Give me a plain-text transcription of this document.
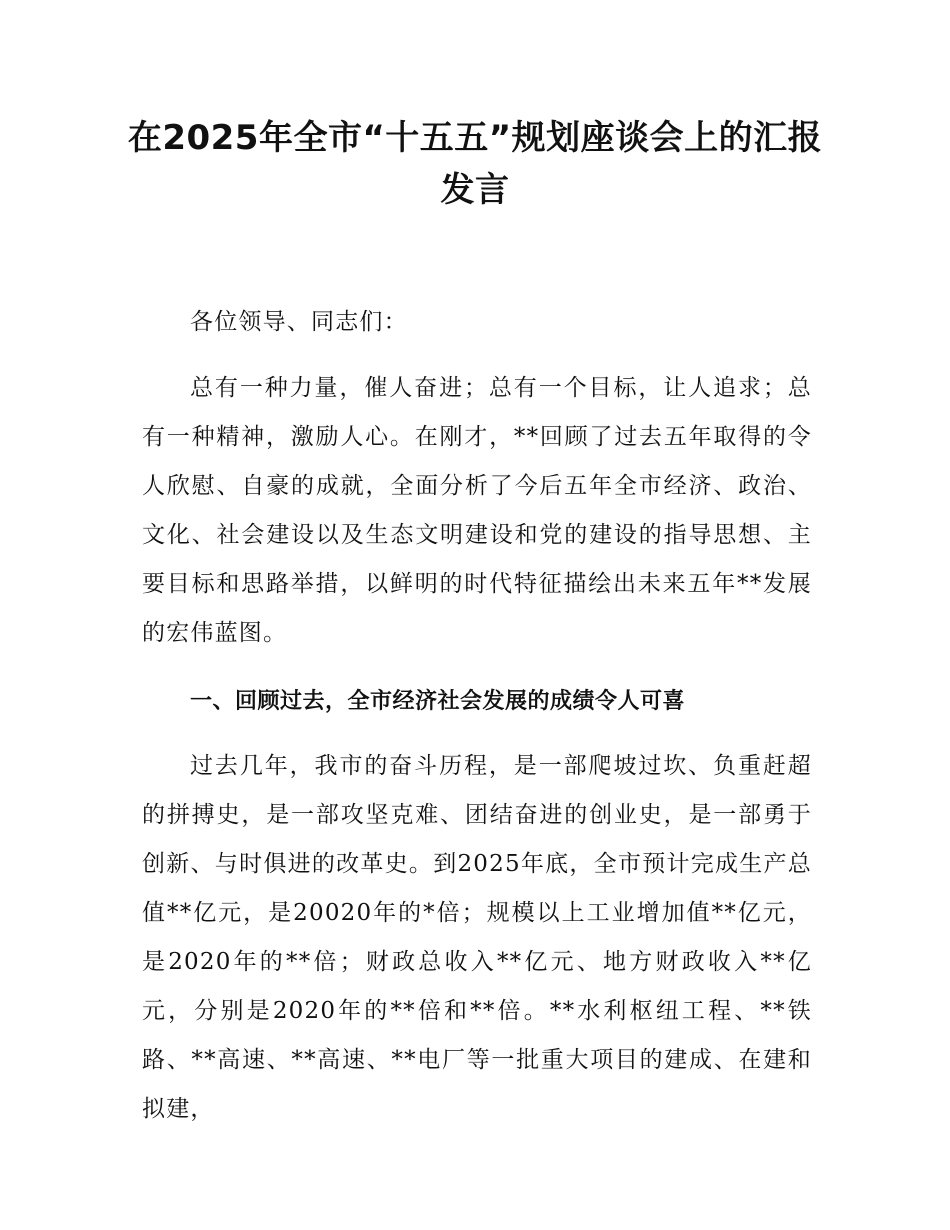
在2025年全市“十五五”规划座谈会上的汇报发言

各位领导、同志们：

总有一种力量，催人奋进；总有一个目标，让人追求；总有一种精神，激励人心。在刚才，**回顾了过去五年取得的令人欣慰、自豪的成就，全面分析了今后五年全市经济、政治、文化、社会建设以及生态文明建设和党的建设的指导思想、主要目标和思路举措，以鲜明的时代特征描绘出未来五年**发展的宏伟蓝图。

一、回顾过去，全市经济社会发展的成绩令人可喜

过去几年，我市的奋斗历程，是一部爬坡过坎、负重赶超的拼搏史，是一部攻坚克难、团结奋进的创业史，是一部勇于创新、与时俱进的改革史。到2025年底，全市预计完成生产总值**亿元，是20020年的*倍；规模以上工业增加值**亿元，是2020年的**倍；财政总收入**亿元、地方财政收入**亿元，分别是2020年的**倍和**倍。**水利枢纽工程、**铁路、**高速、**高速、**电厂等一批重大项目的建成、在建和拟建，
